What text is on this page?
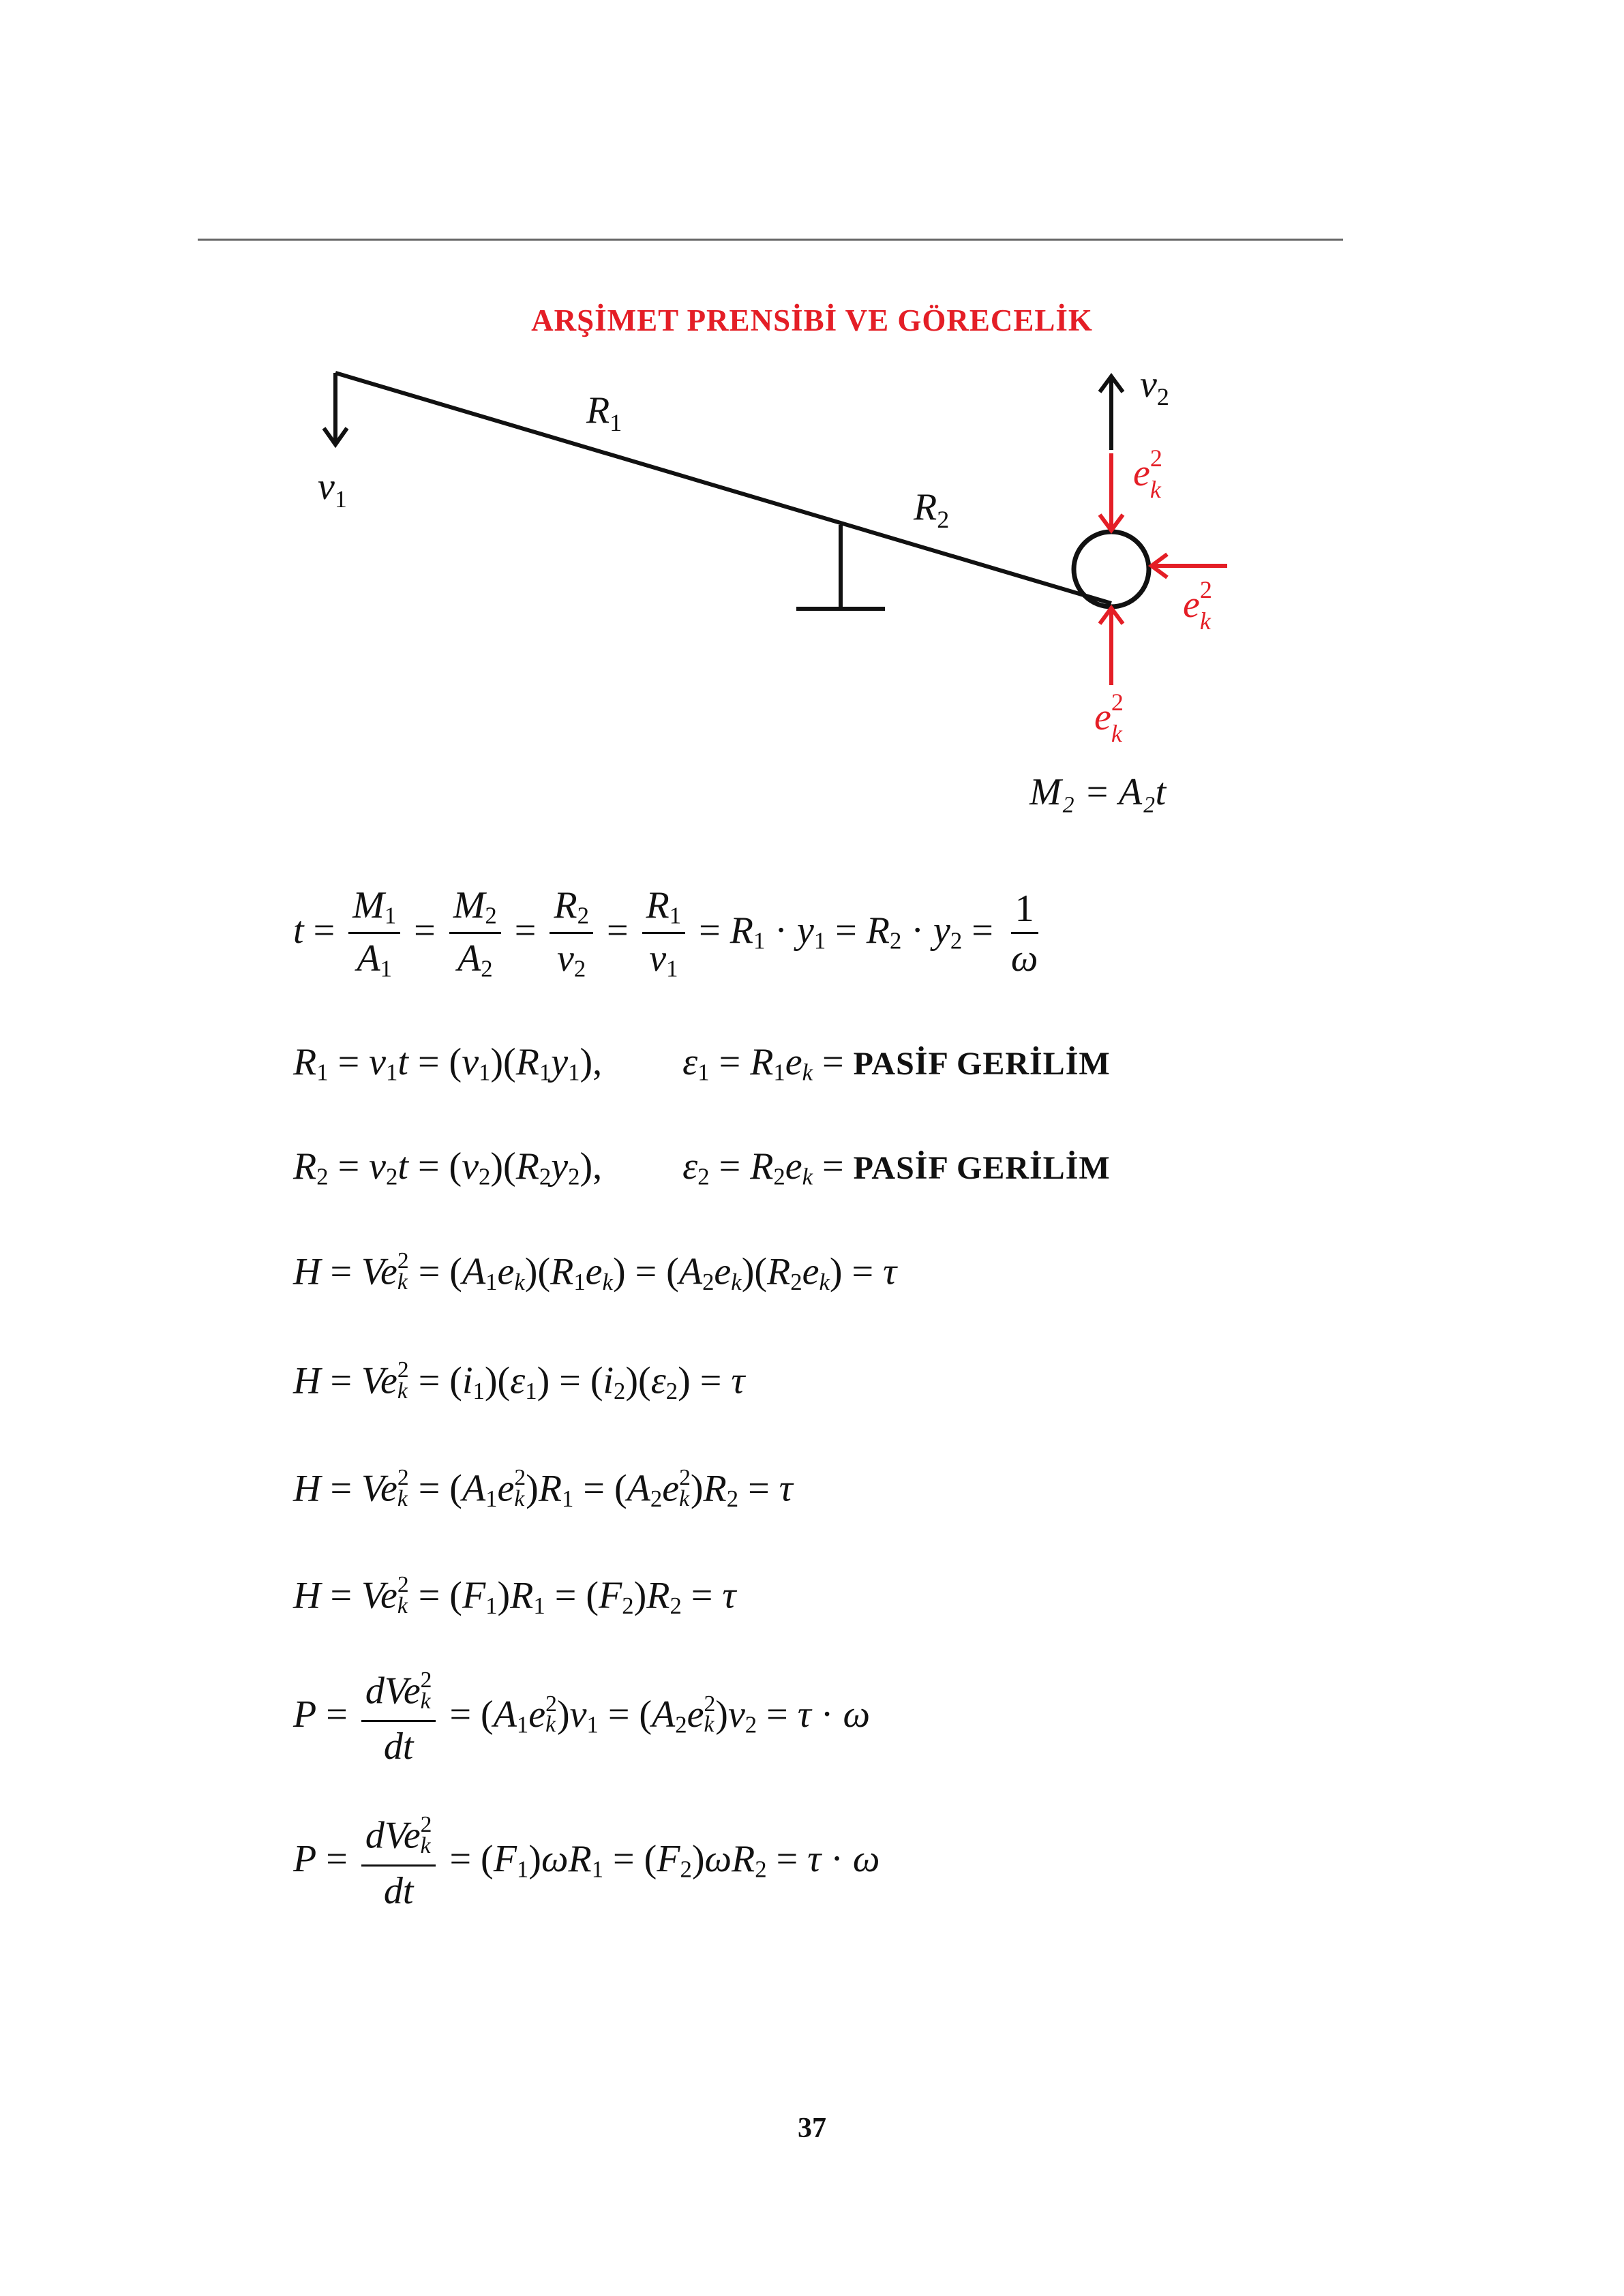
ARŞİMET PRENSİBİ VE GÖRECELİK
$R_1$
$R_2$
$v_1$
$v_2$
$e^2$ k
$e^2$ k
$e^2$ k
M₂ = A₂t
$t = \frac{M_1}{A_1} = \frac{M_2}{A_2} = \frac{R_2}{v_2} = \frac{R_1}{v_1} = R_1 \cdot y_1 = R_2 \cdot y_2 = \frac{1}{\omega}$
$R_1 = v_1t = (v_1)(R_1y_1)$,  $\varepsilon_1 = R_1e_k$ = PASİF GERİLİM
$R_2 = v_2t = (v_2)(R_2y_2)$,  $\varepsilon_2 = R_2e_k$ = PASİF GERİLİM
H = Ve $^2$
$_k = (A_1e_k)(R_1e_k) = (A_2e_k)(R_2e_k) = \tau$
H = Ve $^2$
$_k = (i_1)(\varepsilon_1) = (i_2)(\varepsilon_2) = \tau$
H = Ve $^2$
$_k = (A_1e$ $^2$
$_k$ )$R_1 = (A_2e$ $^2$
$_k$ )$R_2 = \tau$
H = Ve $^2$
$_k = (F_1)R_1 = (F_2)R_2 = \tau$
P = dVe $^2$
$_k$
dt = ($A_1e$ $^2$
$_k$ )$v_1 = (A_2e$ $^2$
$_k$ )$v_2 = \tau \cdot \omega$
P = dVe $^2$
$_k$
dt = $(F_1)\omega R_1 = (F_2)\omega R_2 = \tau \cdot \omega$
37
